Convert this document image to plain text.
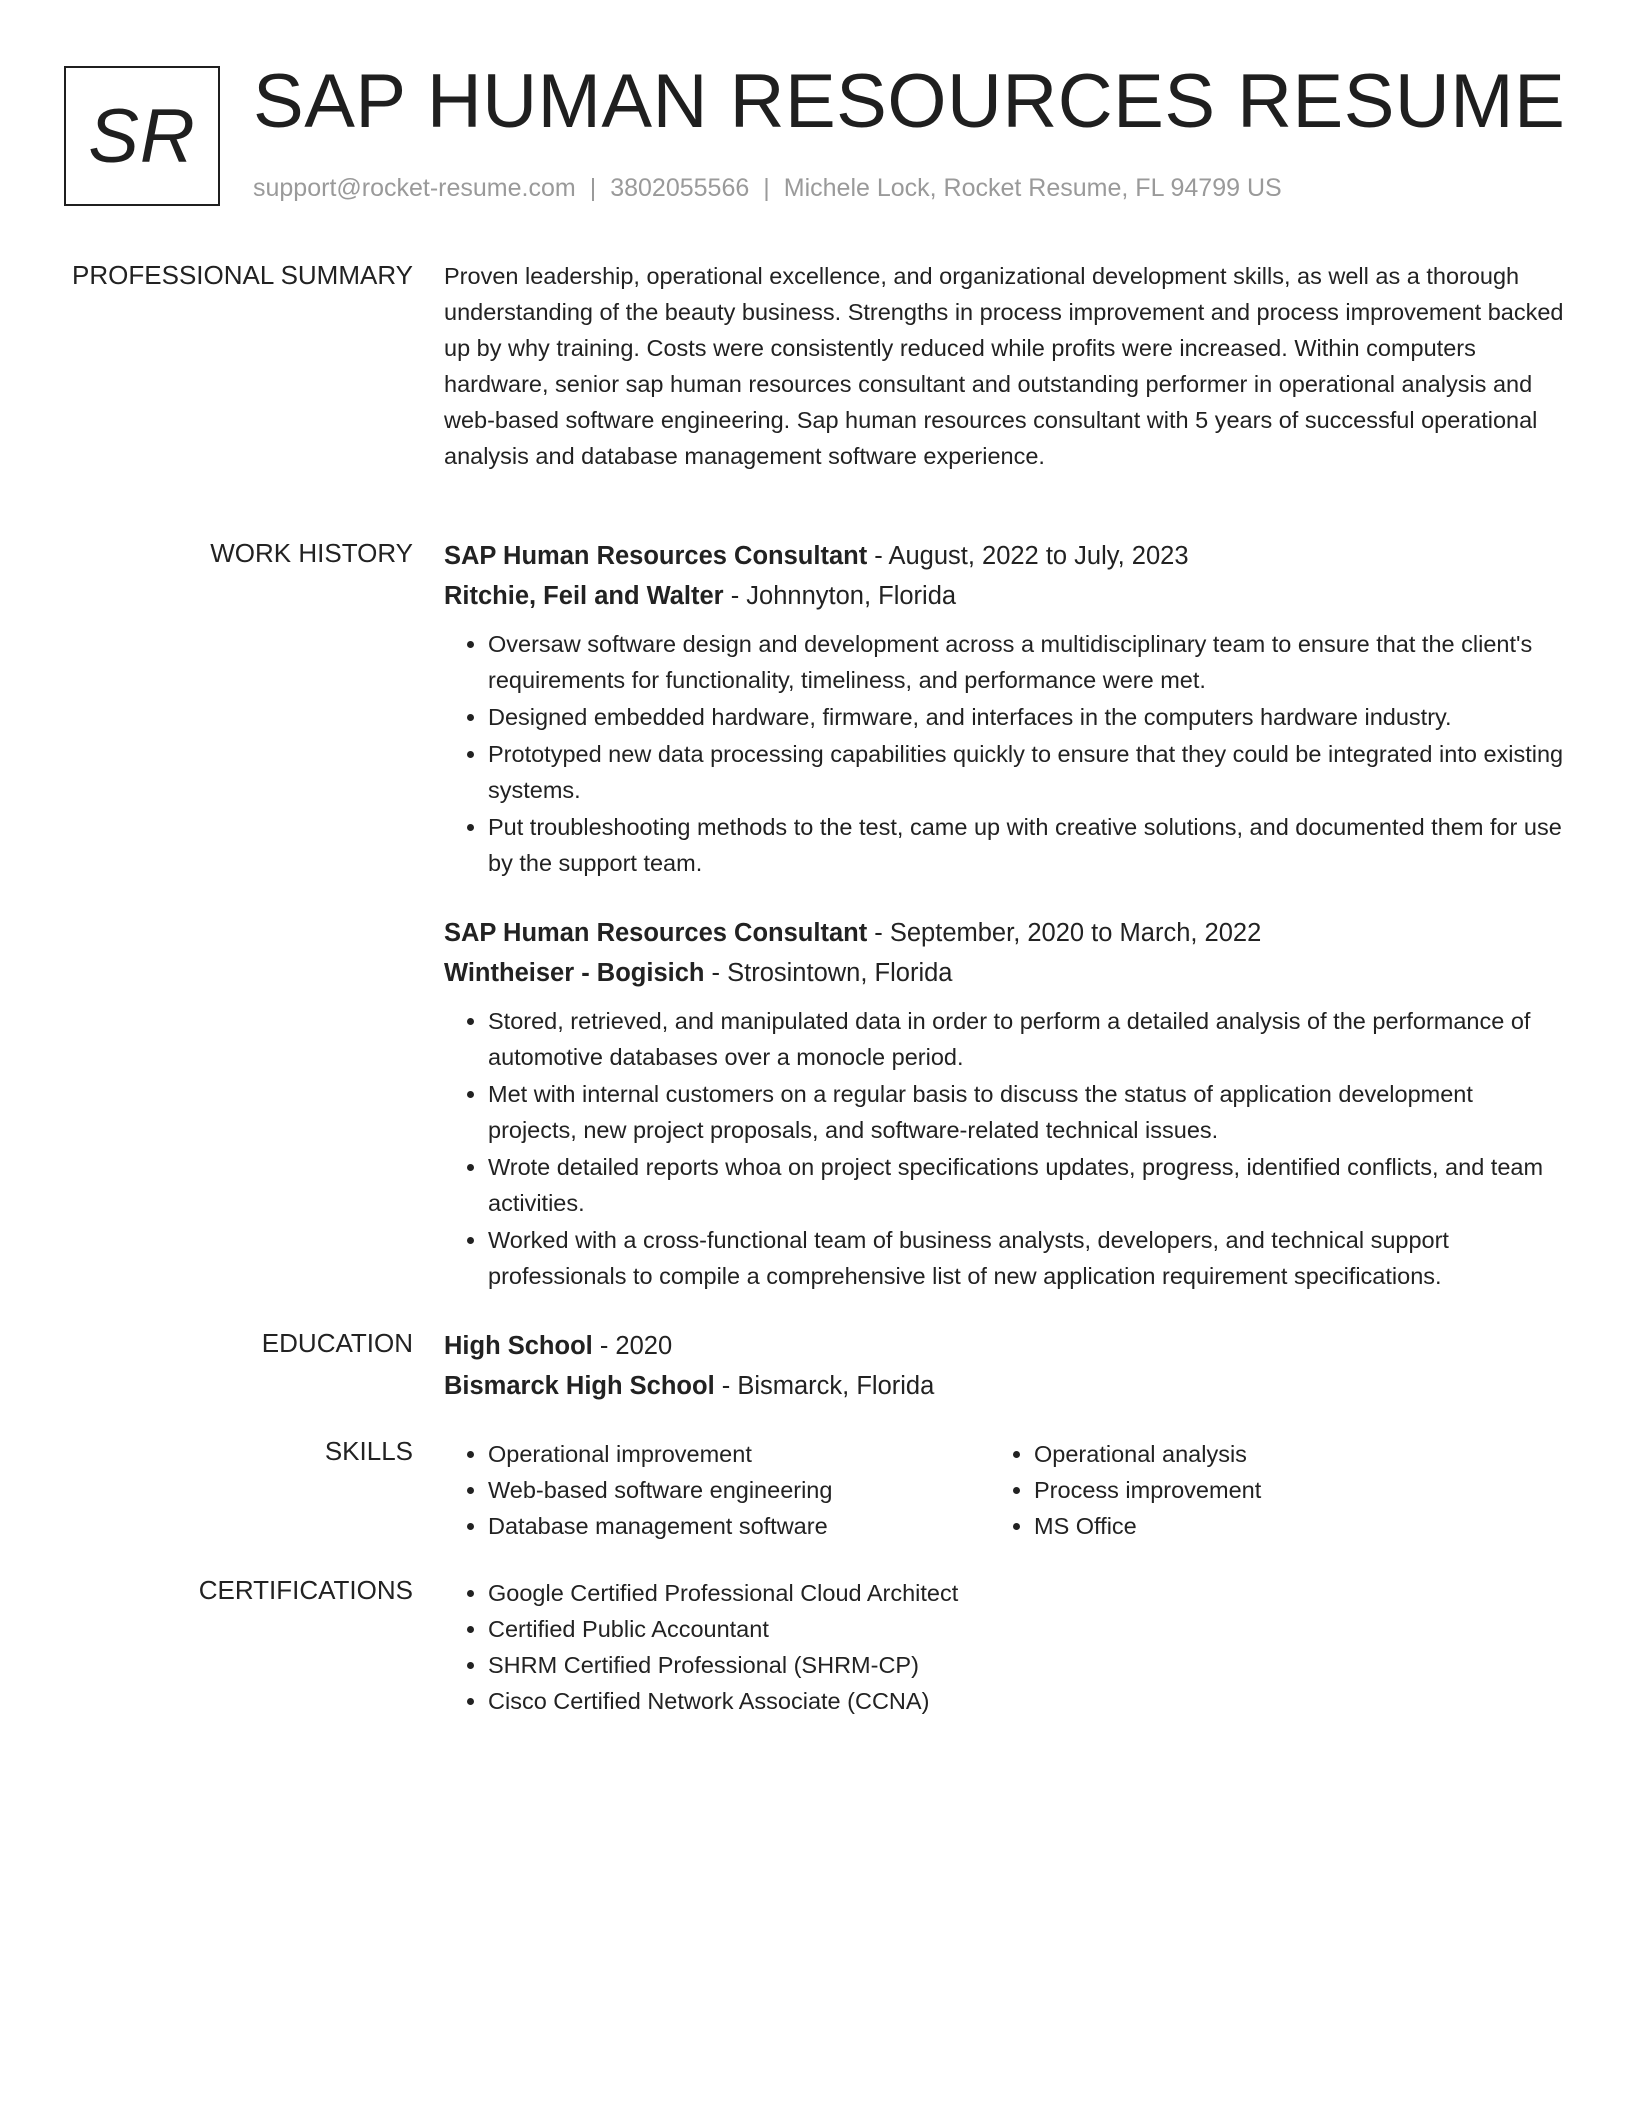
SR SAP HUMAN RESOURCES RESUME
support@rocket-resume.com | 3802055566 | Michele Lock, Rocket Resume, FL 94799 US
PROFESSIONAL SUMMARY Proven leadership, operational excellence, and organizational development skills, as well as a thorough understanding of the beauty business. Strengths in process improvement and process improvement backed up by why training. Costs were consistently reduced while profits were increased. Within computers hardware, senior sap human resources consultant and outstanding performer in operational analysis and web-based software engineering. Sap human resources consultant with 5 years of successful operational analysis and database management software experience.

WORK HISTORY SAP Human Resources Consultant - August, 2022 to July, 2023
Ritchie, Feil and Walter - Johnnyton, Florida
• Oversaw software design and development across a multidisciplinary team to ensure that the client's requirements for functionality, timeliness, and performance were met.
• Designed embedded hardware, firmware, and interfaces in the computers hardware industry.
• Prototyped new data processing capabilities quickly to ensure that they could be integrated into existing systems.
• Put troubleshooting methods to the test, came up with creative solutions, and documented them for use by the support team.
SAP Human Resources Consultant - September, 2020 to March, 2022
Wintheiser - Bogisich - Strosintown, Florida
• Stored, retrieved, and manipulated data in order to perform a detailed analysis of the performance of automotive databases over a monocle period.
• Met with internal customers on a regular basis to discuss the status of application development projects, new project proposals, and software-related technical issues.
• Wrote detailed reports whoa on project specifications updates, progress, identified conflicts, and team activities.
• Worked with a cross-functional team of business analysts, developers, and technical support professionals to compile a comprehensive list of new application requirement specifications.
EDUCATION High School - 2020
Bismarck High School - Bismarck, Florida
SKILLS	• Operational improvement
• Web-based software engineering
• Database management software
• Operational analysis
• Process improvement
• MS Office
CERTIFICATIONS	• Google Certified Professional Cloud Architect
• Certified Public Accountant
• SHRM Certified Professional (SHRM-CP)
• Cisco Certified Network Associate (CCNA)
